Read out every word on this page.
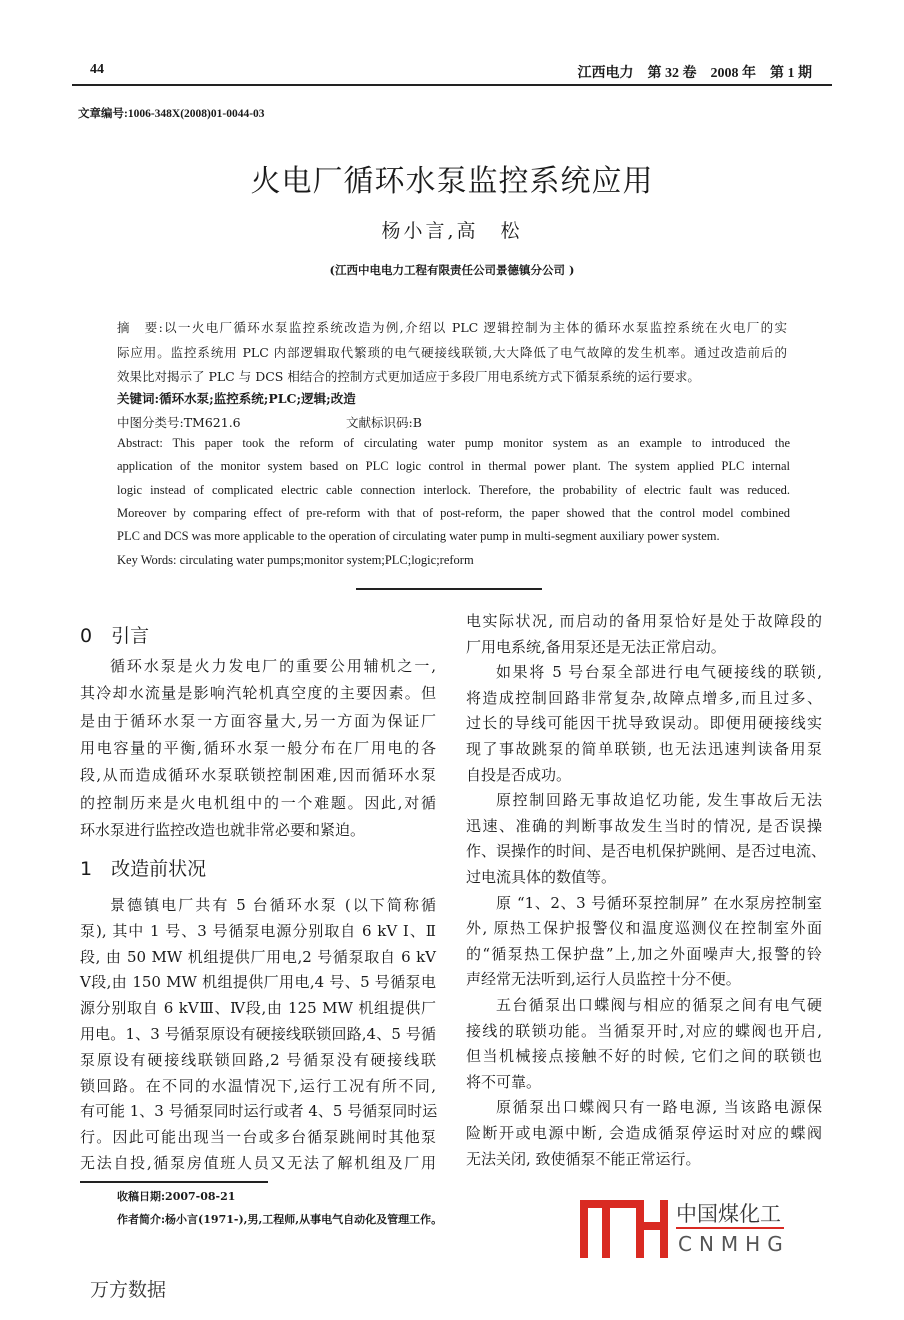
44	江西电力　第 32 卷　2008 年　第 1 期
文章编号:1006-348X(2008)01-0044-03
火电厂循环水泵监控系统应用
杨小言,高　松
(江西中电电力工程有限责任公司景德镇分公司 )
摘　要:以一火电厂循环水泵监控系统改造为例,介绍以 PLC 逻辑控制为主体的循环水泵监控系统在火电厂的实
际应用。监控系统用 PLC 内部逻辑取代繁琐的电气硬接线联锁,大大降低了电气故障的发生机率。通过改造前后的
效果比对揭示了 PLC 与 DCS 相结合的控制方式更加适应于多段厂用电系统方式下循泵系统的运行要求。
关键词:循环水泵;监控系统;PLC;逻辑;改造
中图分类号:TM621.6	文献标识码:B
Abstract: This paper took the reform of circulating water pump monitor system as an example to introduced the
application of the monitor system based on PLC logic control in thermal power plant. The system applied PLC internal
logic instead of complicated electric cable connection interlock. Therefore, the probability of electric fault was reduced.
Moreover by comparing effect of pre-reform with that of post-reform, the paper showed that the control model combined
PLC and DCS was more applicable to the operation of circulating water pump in multi-segment auxiliary power system.
Key Words: circulating water pumps;monitor system;PLC;logic;reform
0　引言
1　改造前状况
循环水泵是火力发电厂的重要公用辅机之一,
其冷却水流量是影响汽轮机真空度的主要因素。但
是由于循环水泵一方面容量大,另一方面为保证厂
用电容量的平衡,循环水泵一般分布在厂用电的各
段,从而造成循环水泵联锁控制困难,因而循环水泵
的控制历来是火电机组中的一个难题。因此,对循
环水泵进行监控改造也就非常必要和紧迫。
景德镇电厂共有 5 台循环水泵 (以下简称循
泵), 其中 1 号、3 号循泵电源分别取自 6 kV Ⅰ、Ⅱ
段, 由 50 MW 机组提供厂用电,2 号循泵取自 6 kV
Ⅴ段,由 150 MW 机组提供厂用电,4 号、5 号循泵电
源分别取自 6 kVⅢ、Ⅳ段,由 125 MW 机组提供厂
用电。1、3 号循泵原设有硬接线联锁回路,4、5 号循
泵原设有硬接线联锁回路,2 号循泵没有硬接线联
锁回路。在不同的水温情况下,运行工况有所不同,
有可能 1、3 号循泵同时运行或者 4、5 号循泵同时运
行。因此可能出现当一台或多台循泵跳闸时其他泵
无法自投,循泵房值班人员又无法了解机组及厂用
电实际状况, 而启动的备用泵恰好是处于故障段的
厂用电系统,备用泵还是无法正常启动。
如果将 5 号台泵全部进行电气硬接线的联锁,
将造成控制回路非常复杂,故障点增多,而且过多、
过长的导线可能因干扰导致误动。即便用硬接线实
现了事故跳泵的简单联锁, 也无法迅速判读备用泵
自投是否成功。
原控制回路无事故追忆功能, 发生事故后无法
迅速、准确的判断事故发生当时的情况, 是否误操
作、误操作的时间、是否电机保护跳闸、是否过电流、
过电流具体的数值等。
原 “1、2、3 号循环泵控制屏” 在水泵房控制室
外, 原热工保护报警仪和温度巡测仪在控制室外面
的“循泵热工保护盘”上,加之外面噪声大,报警的铃
声经常无法听到,运行人员监控十分不便。
五台循泵出口蝶阀与相应的循泵之间有电气硬
接线的联锁功能。当循泵开时,对应的蝶阀也开启,
但当机械接点接触不好的时候, 它们之间的联锁也
将不可靠。
原循泵出口蝶阀只有一路电源, 当该路电源保
险断开或电源中断, 会造成循泵停运时对应的蝶阀
无法关闭, 致使循泵不能正常运行。
收稿日期:2007-08-21
作者简介:杨小言(1971-),男,工程师,从事电气自动化及管理工作。	中国煤化工
CNMHG
万方数据
